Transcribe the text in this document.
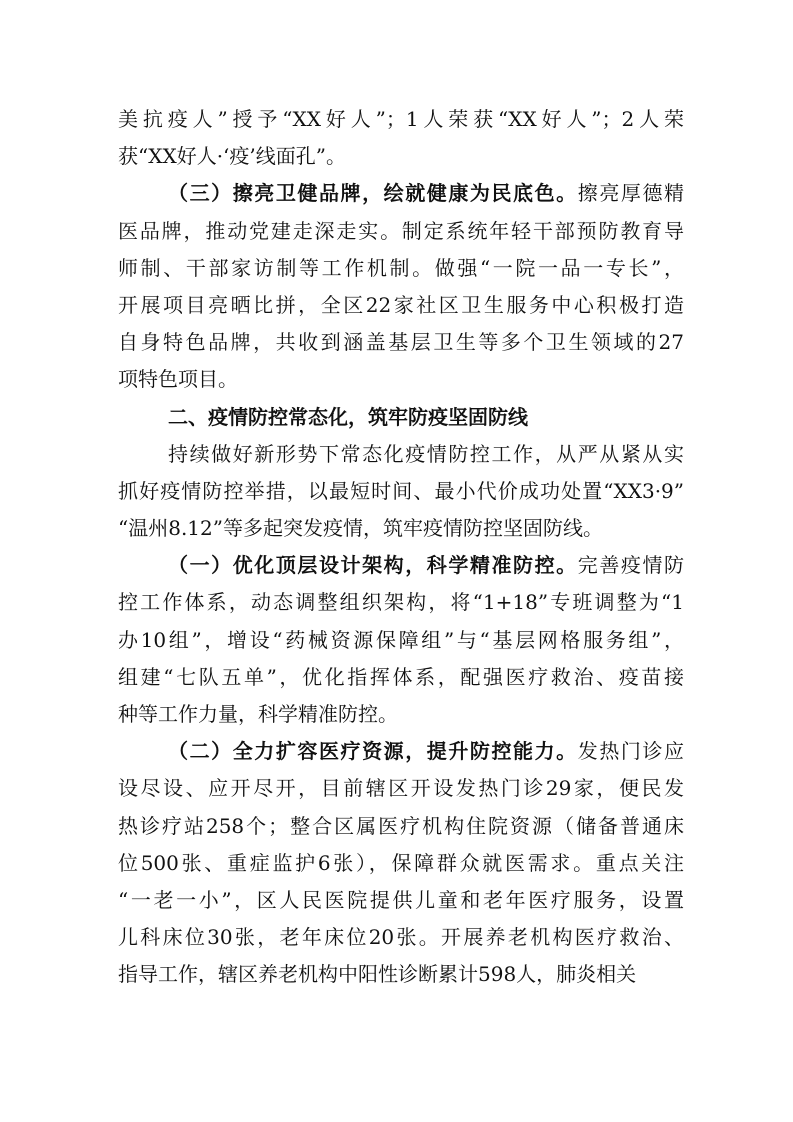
美抗疫人”授予“XX好人”；1人荣获“XX好人”；2人荣
获“XX好人·‘疫’线面孔”。
（三）擦亮卫健品牌，绘就健康为民底色。擦亮厚德精
医品牌，推动党建走深走实。制定系统年轻干部预防教育导
师制、干部家访制等工作机制。做强“一院一品一专长”，
开展项目亮晒比拼，全区22家社区卫生服务中心积极打造
自身特色品牌，共收到涵盖基层卫生等多个卫生领域的27
项特色项目。
二、疫情防控常态化，筑牢防疫坚固防线
持续做好新形势下常态化疫情防控工作，从严从紧从实
抓好疫情防控举措，以最短时间、最小代价成功处置“XX3·9”
“温州8.12”等多起突发疫情，筑牢疫情防控坚固防线。
（一）优化顶层设计架构，科学精准防控。完善疫情防
控工作体系，动态调整组织架构，将“1+18”专班调整为“1
办10组”，增设“药械资源保障组”与“基层网格服务组”，
组建“七队五单”，优化指挥体系，配强医疗救治、疫苗接
种等工作力量，科学精准防控。
（二）全力扩容医疗资源，提升防控能力。发热门诊应
设尽设、应开尽开，目前辖区开设发热门诊29家，便民发
热诊疗站258个；整合区属医疗机构住院资源（储备普通床
位500张、重症监护6张），保障群众就医需求。重点关注
“一老一小”，区人民医院提供儿童和老年医疗服务，设置
儿科床位30张，老年床位20张。开展养老机构医疗救治、
指导工作，辖区养老机构中阳性诊断累计598人，肺炎相关
